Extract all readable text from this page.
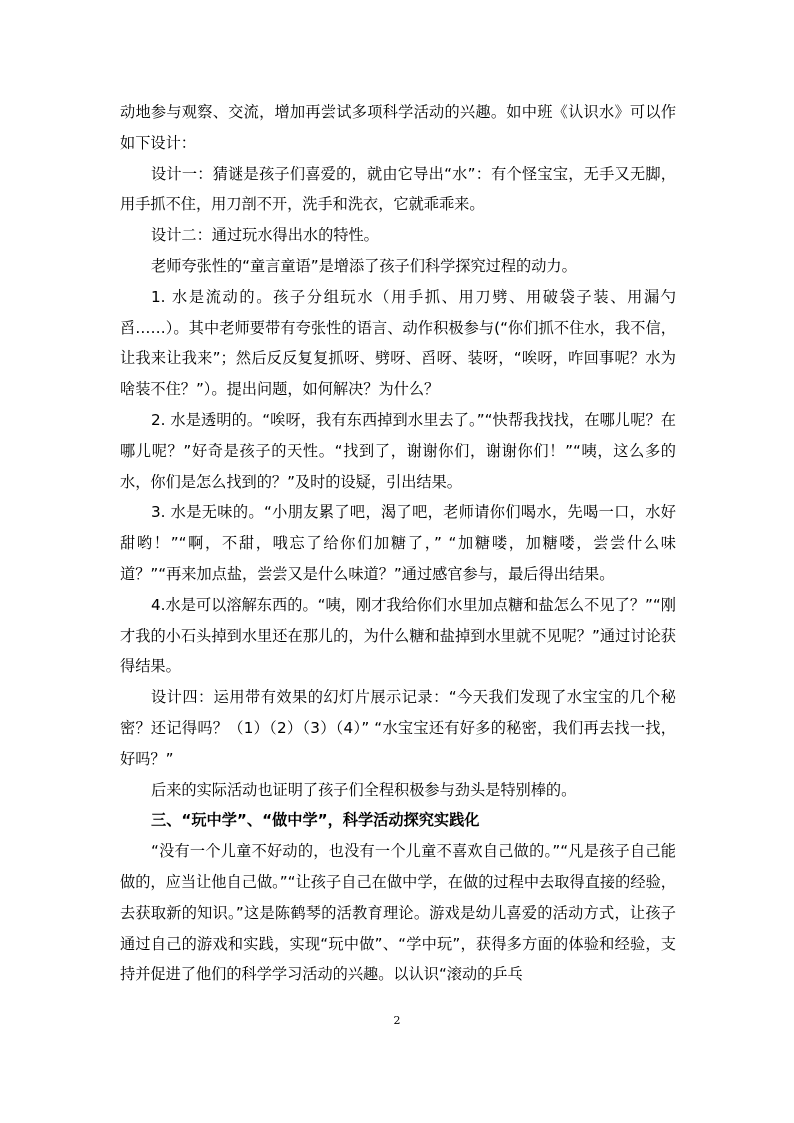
动地参与观察、交流，增加再尝试多项科学活动的兴趣。如中班《认识水》可以作如下设计：

设计一：猜谜是孩子们喜爱的，就由它导出“水”：有个怪宝宝，无手又无脚，用手抓不住，用刀剖不开，洗手和洗衣，它就乖乖来。

设计二：通过玩水得出水的特性。

老师夸张性的“童言童语”是增添了孩子们科学探究过程的动力。

1. 水是流动的。孩子分组玩水（用手抓、用刀劈、用破袋子装、用漏勺舀……）。其中老师要带有夸张性的语言、动作积极参与(“你们抓不住水，我不信，让我来让我来”；然后反反复复抓呀、劈呀、舀呀、装呀，“唉呀，咋回事呢？水为啥装不住？”）。提出问题，如何解决？为什么？

2. 水是透明的。“唉呀，我有东西掉到水里去了。”“快帮我找找，在哪儿呢？在哪儿呢？”好奇是孩子的天性。“找到了，谢谢你们，谢谢你们！”“咦，这么多的水，你们是怎么找到的？”及时的设疑，引出结果。

3. 水是无味的。“小朋友累了吧，渴了吧，老师请你们喝水，先喝一口，水好甜哟！”“啊，不甜，哦忘了给你们加糖了，” “加糖喽，加糖喽，尝尝什么味道？”“再来加点盐，尝尝又是什么味道？”通过感官参与，最后得出结果。

4.水是可以溶解东西的。“咦，刚才我给你们水里加点糖和盐怎么不见了？”“刚才我的小石头掉到水里还在那儿的，为什么糖和盐掉到水里就不见呢？”通过讨论获得结果。

设计四：运用带有效果的幻灯片展示记录：“今天我们发现了水宝宝的几个秘密？还记得吗？（1）（2）（3）（4）” “水宝宝还有好多的秘密，我们再去找一找，好吗？”

后来的实际活动也证明了孩子们全程积极参与劲头是特别棒的。

三、“玩中学”、“做中学”，科学活动探究实践化

“没有一个儿童不好动的，也没有一个儿童不喜欢自己做的。”“凡是孩子自己能做的，应当让他自己做。”“让孩子自己在做中学，在做的过程中去取得直接的经验，去获取新的知识。”这是陈鹤琴的活教育理论。游戏是幼儿喜爱的活动方式，让孩子通过自己的游戏和实践，实现“玩中做”、“学中玩”，获得多方面的体验和经验，支持并促进了他们的科学学习活动的兴趣。以认识“滚动的乒乓

2
